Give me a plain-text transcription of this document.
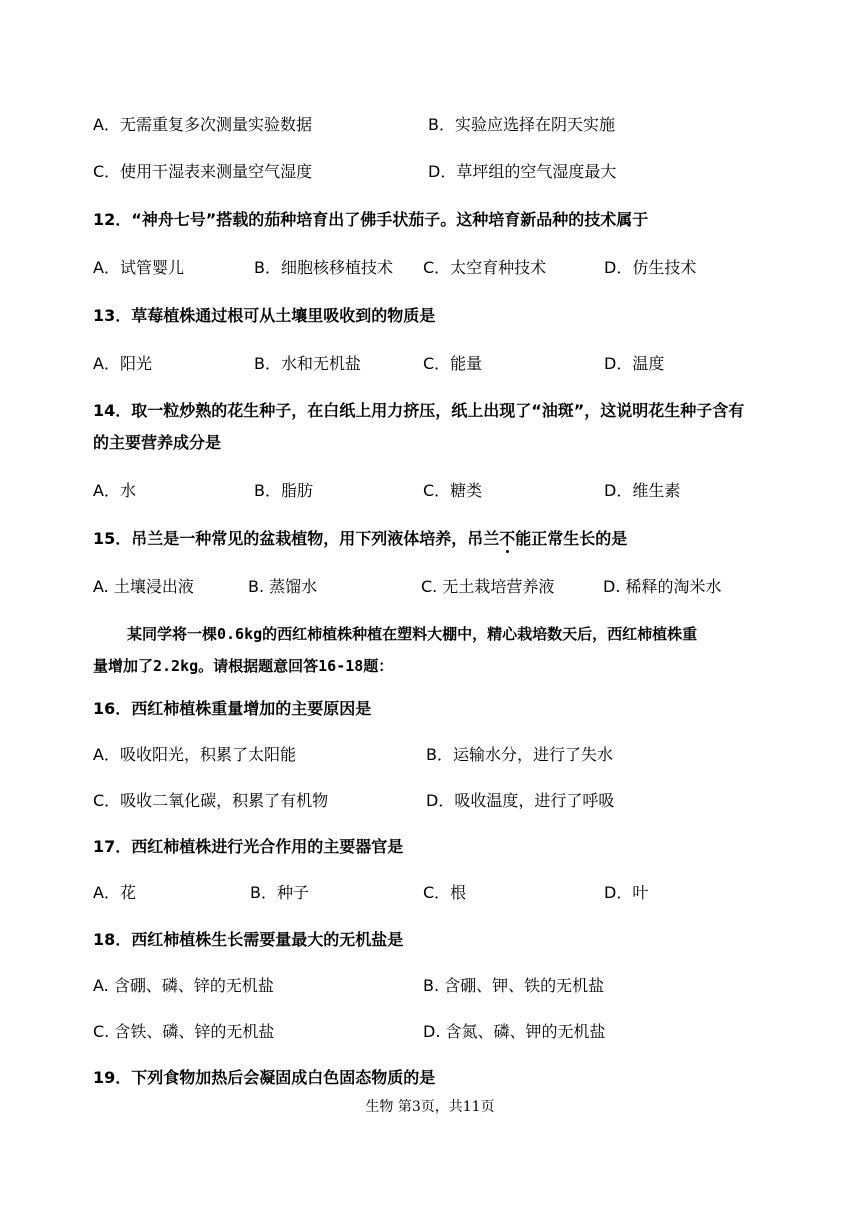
A．无需重复多次测量实验数据	B．实验应选择在阴天实施
C．使用干湿表来测量空气湿度	D．草坪组的空气湿度最大
12．“神舟七号”搭载的茄种培育出了佛手状茄子。这种培育新品种的技术属于
A．试管婴儿	B．细胞核移植技术 C．太空育种技术	D．仿生技术
13．草莓植株通过根可从土壤里吸收到的物质是
A．阳光	B．水和无机盐	C．能量	D．温度
14．取一粒炒熟的花生种子，在白纸上用力挤压，纸上出现了“油斑”，这说明花生种子含有
的主要营养成分是
A．水	B．脂肪	C．糖类	D．维生素
15．吊兰是一种常见的盆栽植物，用下列液体培养，吊兰不能正常生长的是
A. 土壤浸出液	B. 蒸馏水	C. 无土栽培营养液	D. 稀释的淘米水
某同学将一棵0.6kg的西红柿植株种植在塑料大棚中，精心栽培数天后，西红柿植株重
量增加了2.2kg。请根据题意回答16-18题：
16．西红柿植株重量增加的主要原因是
A．吸收阳光，积累了太阳能	B．运输水分，进行了失水
C．吸收二氧化碳，积累了有机物	D．吸收温度，进行了呼吸
17．西红柿植株进行光合作用的主要器官是
A．花	B．种子	C．根	D．叶
18．西红柿植株生长需要量最大的无机盐是
A. 含硼、磷、锌的无机盐	B. 含硼、钾、铁的无机盐
C. 含铁、磷、锌的无机盐	D. 含氮、磷、钾的无机盐
19．下列食物加热后会凝固成白色固态物质的是
生物 第3页，共11页
